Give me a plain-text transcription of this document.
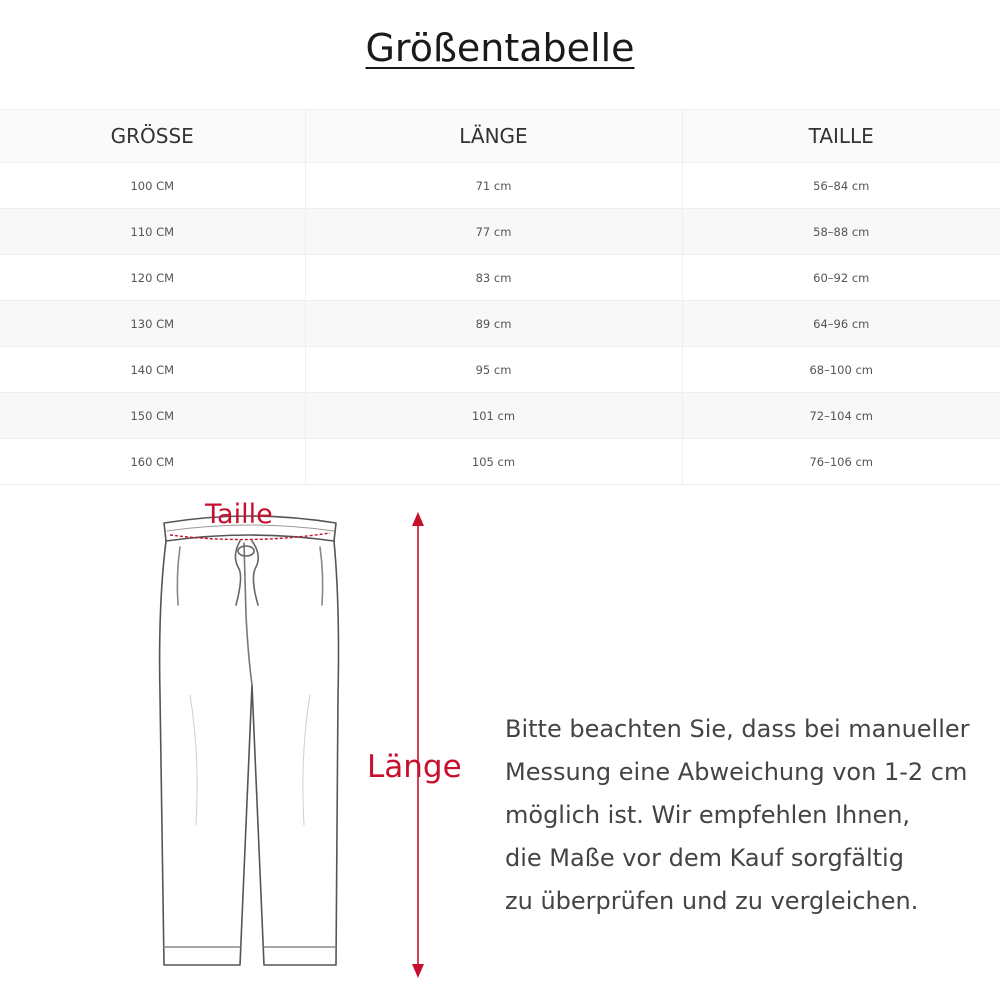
Größentabelle
GRÖSSE	LÄNGE	TAILLE
100 CM	71 cm	56–84 cm
110 CM	77 cm	58–88 cm
120 CM	83 cm	60–92 cm
130 CM	89 cm	64–96 cm
140 CM	95 cm	68–100 cm
150 CM	101 cm	72–104 cm
160 CM	105 cm	76–106 cm
Taille
Länge
Bitte beachten Sie, dass bei manueller
Messung eine Abweichung von 1-2 cm
möglich ist. Wir empfehlen Ihnen,
die Maße vor dem Kauf sorgfältig
zu überprüfen und zu vergleichen.
